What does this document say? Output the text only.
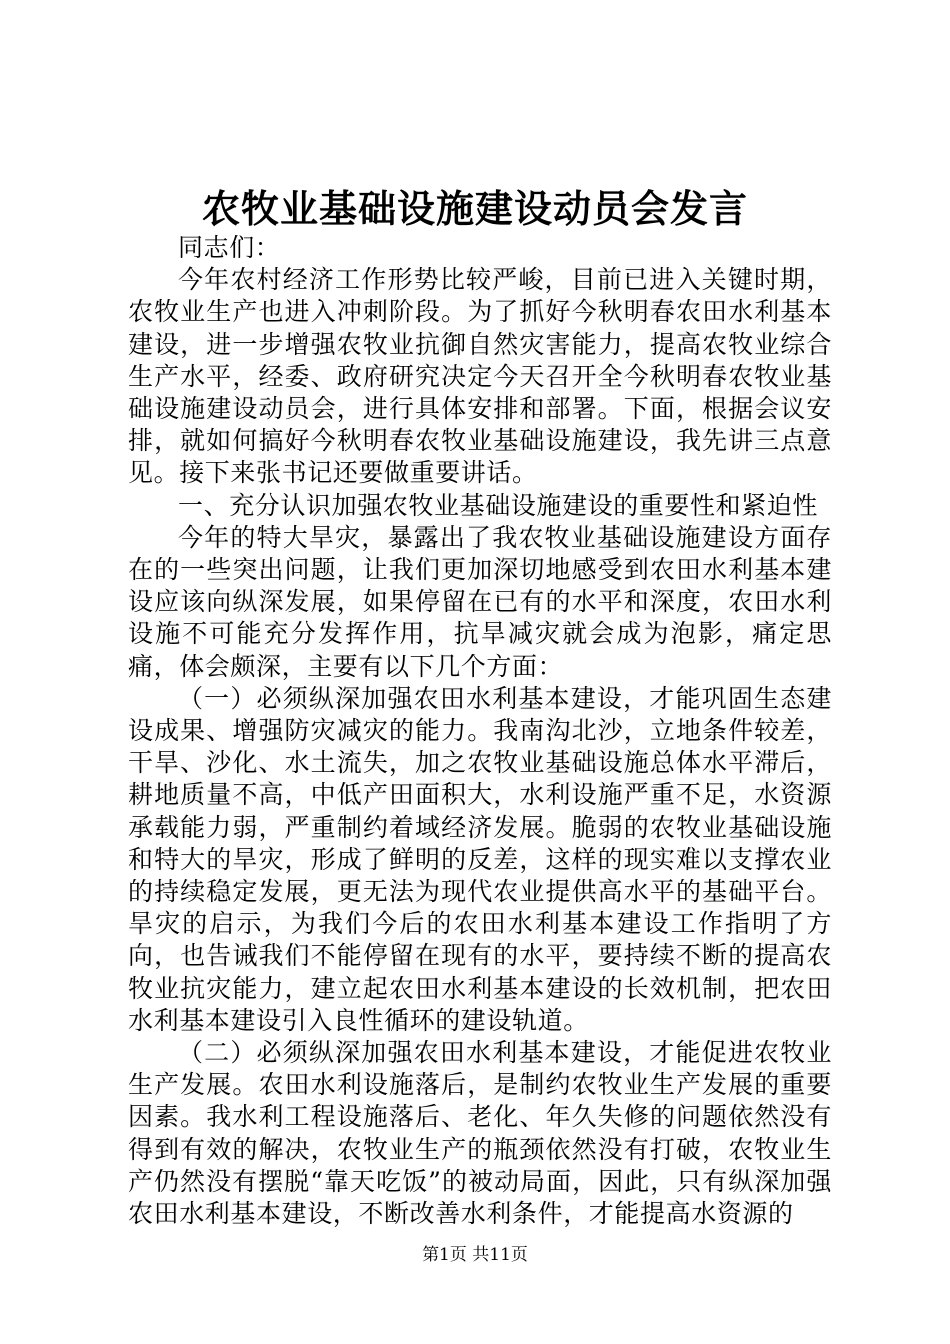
农牧业基础设施建设动员会发言

同志们：

今年农村经济工作形势比较严峻，目前已进入关键时期，农牧业生产也进入冲刺阶段。为了抓好今秋明春农田水利基本建设，进一步增强农牧业抗御自然灾害能力，提高农牧业综合生产水平，经委、政府研究决定今天召开全今秋明春农牧业基础设施建设动员会，进行具体安排和部署。下面，根据会议安排，就如何搞好今秋明春农牧业基础设施建设，我先讲三点意见。接下来张书记还要做重要讲话。

一、充分认识加强农牧业基础设施建设的重要性和紧迫性

今年的特大旱灾，暴露出了我农牧业基础设施建设方面存在的一些突出问题，让我们更加深切地感受到农田水利基本建设应该向纵深发展，如果停留在已有的水平和深度，农田水利设施不可能充分发挥作用，抗旱减灾就会成为泡影，痛定思痛，体会颇深，主要有以下几个方面：

（一）必须纵深加强农田水利基本建设，才能巩固生态建设成果、增强防灾减灾的能力。我南沟北沙，立地条件较差，干旱、沙化、水土流失，加之农牧业基础设施总体水平滞后，耕地质量不高，中低产田面积大，水利设施严重不足，水资源承载能力弱，严重制约着域经济发展。脆弱的农牧业基础设施和特大的旱灾，形成了鲜明的反差，这样的现实难以支撑农业的持续稳定发展，更无法为现代农业提供高水平的基础平台。旱灾的启示，为我们今后的农田水利基本建设工作指明了方向，也告诫我们不能停留在现有的水平，要持续不断的提高农牧业抗灾能力，建立起农田水利基本建设的长效机制，把农田水利基本建设引入良性循环的建设轨道。

（二）必须纵深加强农田水利基本建设，才能促进农牧业生产发展。农田水利设施落后，是制约农牧业生产发展的重要因素。我水利工程设施落后、老化、年久失修的问题依然没有得到有效的解决，农牧业生产的瓶颈依然没有打破，农牧业生产仍然没有摆脱“靠天吃饭”的被动局面，因此，只有纵深加强农田水利基本建设，不断改善水利条件，才能提高水资源的

第1页 共11页
